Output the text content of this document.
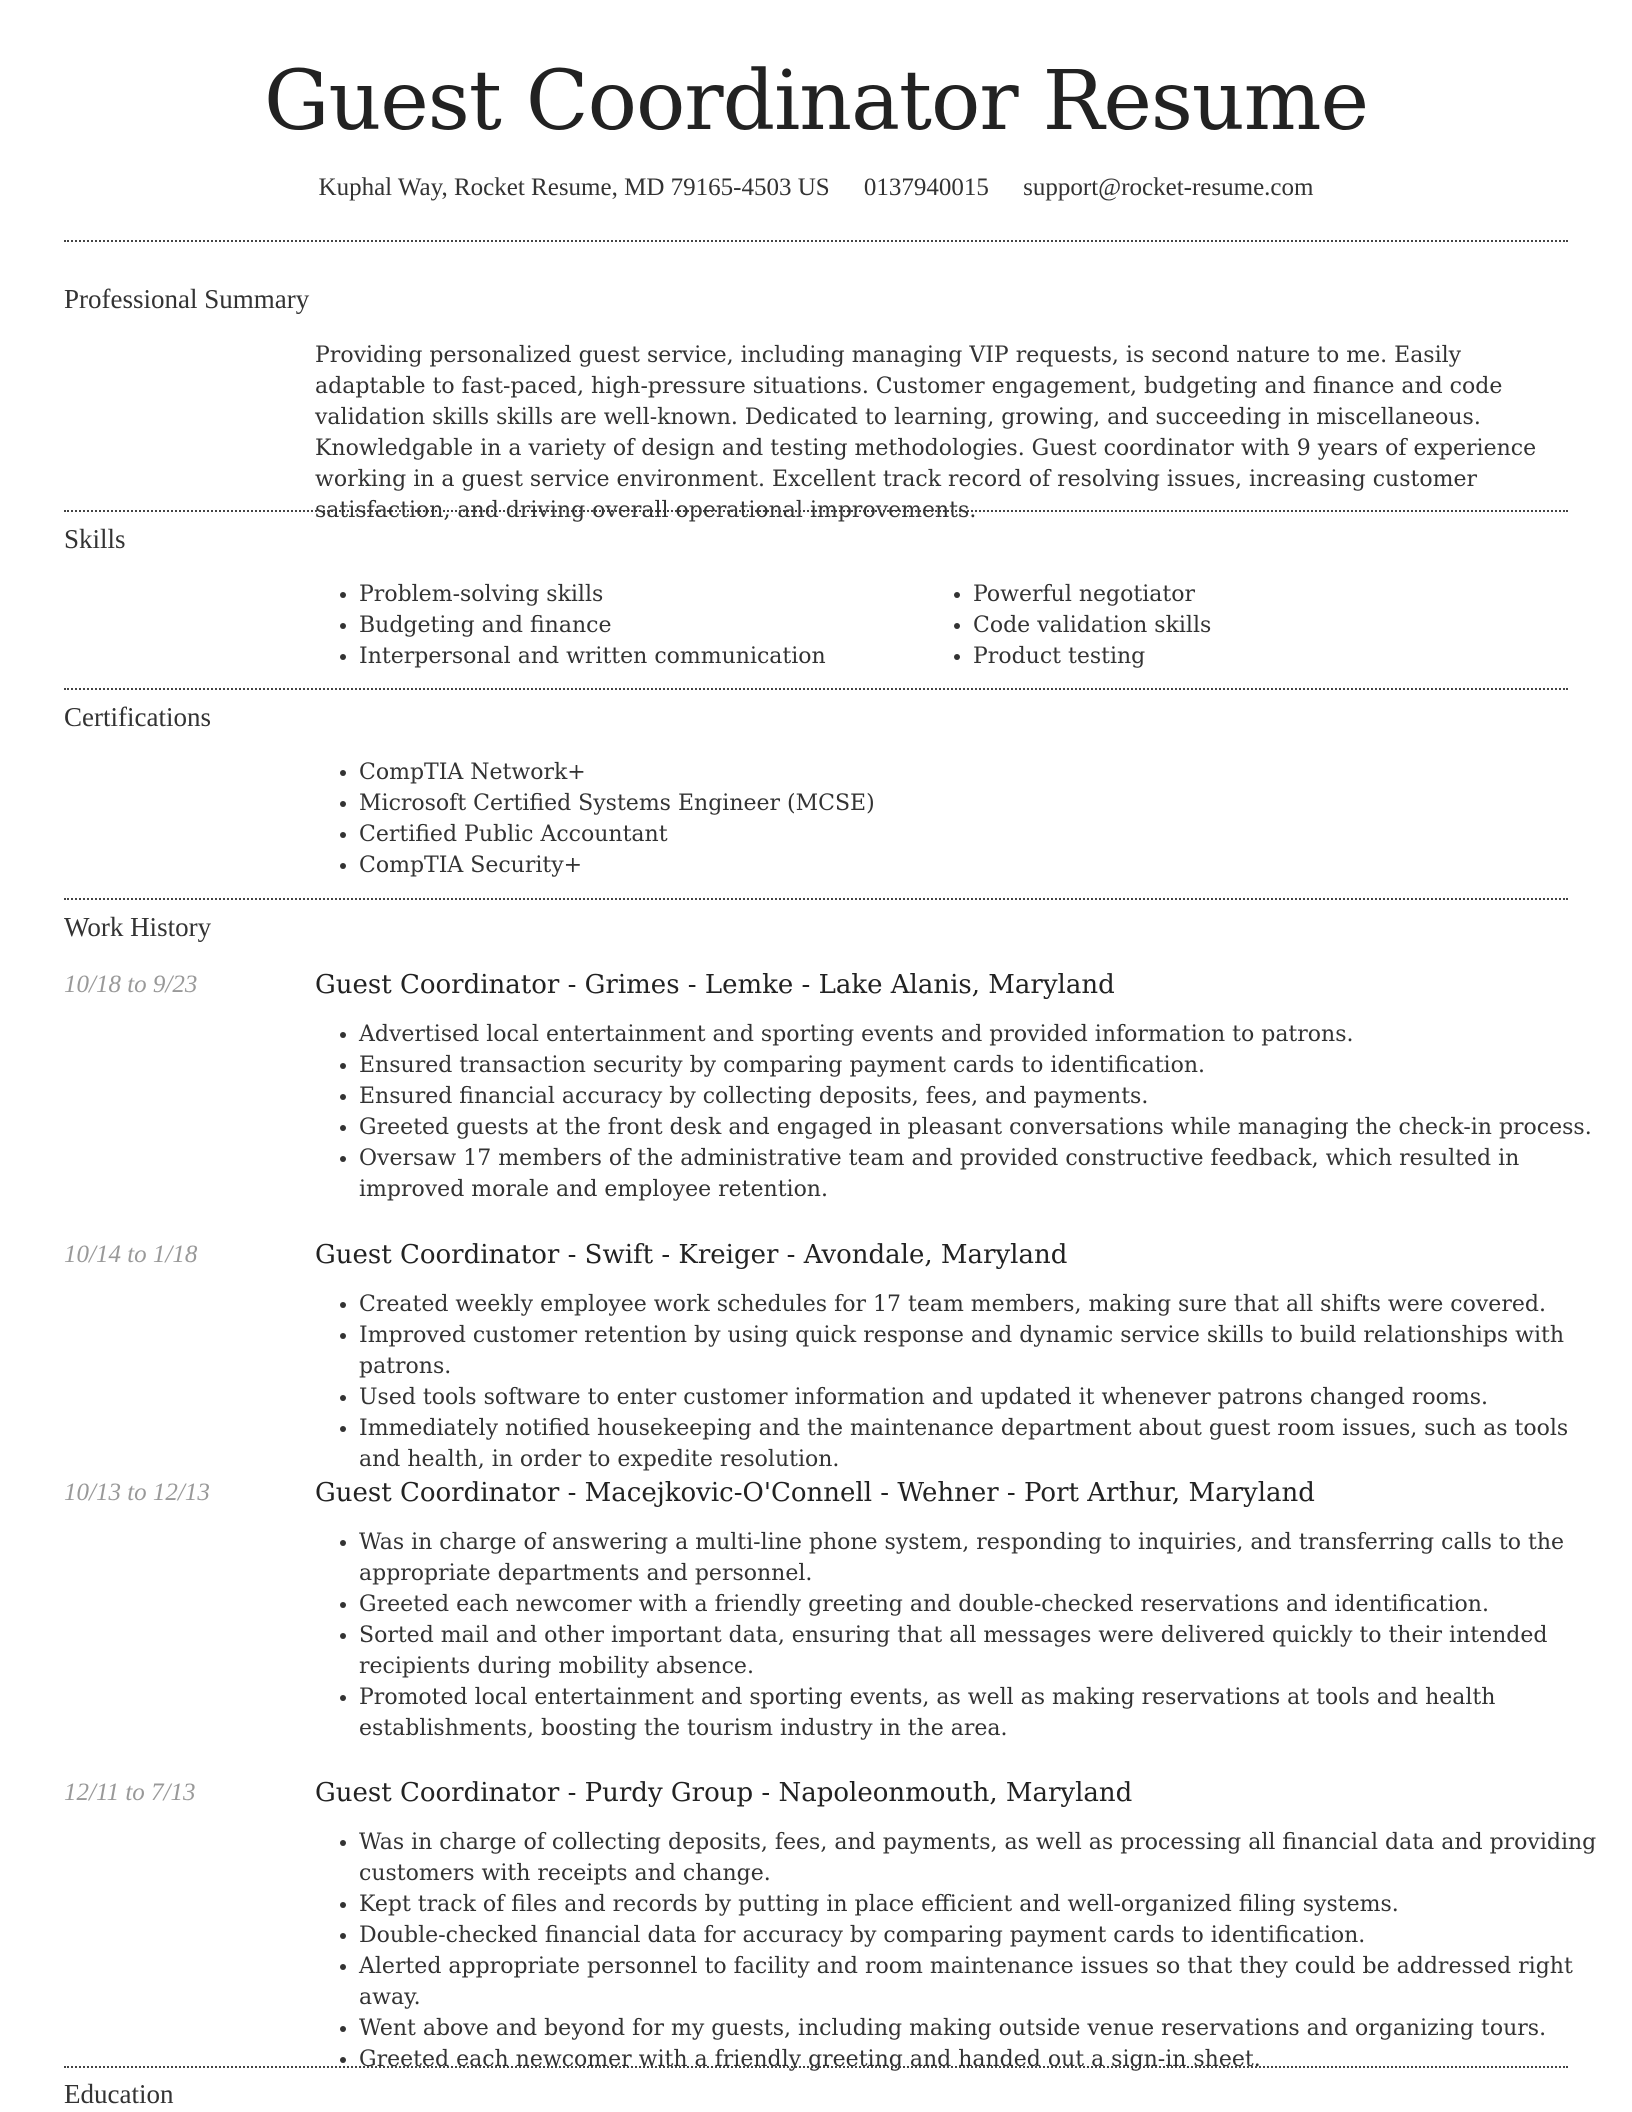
Guest Coordinator Resume
Kuphal Way, Rocket Resume, MD 79165-4503 US 0137940015 support@rocket-resume.com
Professional Summary

Providing personalized guest service, including managing VIP requests, is second nature to me. Easily adaptable to fast-paced, high-pressure situations. Customer engagement, budgeting and finance and code validation skills skills are well-known. Dedicated to learning, growing, and succeeding in miscellaneous. Knowledgable in a variety of design and testing methodologies. Guest coordinator with 9 years of experience working in a guest service environment. Excellent track record of resolving issues, increasing customer satisfaction, and driving overall operational improvements.

Skills
• Problem-solving skills
• Budgeting and finance
• Interpersonal and written communication
• Powerful negotiator
• Code validation skills
• Product testing
Certifications
• CompTIA Network+
• Microsoft Certified Systems Engineer (MCSE)
• Certified Public Accountant
• CompTIA Security+
Work History
10/18 to 9/23	Guest Coordinator - Grimes - Lemke - Lake Alanis, Maryland
• Advertised local entertainment and sporting events and provided information to patrons.
• Ensured transaction security by comparing payment cards to identification.
• Ensured financial accuracy by collecting deposits, fees, and payments.
• Greeted guests at the front desk and engaged in pleasant conversations while managing the check-in process.
• Oversaw 17 members of the administrative team and provided constructive feedback, which resulted in improved morale and employee retention.
10/14 to 1/18	Guest Coordinator - Swift - Kreiger - Avondale, Maryland
• Created weekly employee work schedules for 17 team members, making sure that all shifts were covered.
• Improved customer retention by using quick response and dynamic service skills to build relationships with patrons.
• Used tools software to enter customer information and updated it whenever patrons changed rooms.
• Immediately notified housekeeping and the maintenance department about guest room issues, such as tools and health, in order to expedite resolution.
10/13 to 12/13	Guest Coordinator - Macejkovic-O'Connell - Wehner - Port Arthur, Maryland
• Was in charge of answering a multi-line phone system, responding to inquiries, and transferring calls to the appropriate departments and personnel.
• Greeted each newcomer with a friendly greeting and double-checked reservations and identification.
• Sorted mail and other important data, ensuring that all messages were delivered quickly to their intended recipients during mobility absence.
• Promoted local entertainment and sporting events, as well as making reservations at tools and health establishments, boosting the tourism industry in the area.
12/11 to 7/13	Guest Coordinator - Purdy Group - Napoleonmouth, Maryland
• Was in charge of collecting deposits, fees, and payments, as well as processing all financial data and providing customers with receipts and change.
• Kept track of files and records by putting in place efficient and well-organized filing systems.
• Double-checked financial data for accuracy by comparing payment cards to identification.
• Alerted appropriate personnel to facility and room maintenance issues so that they could be addressed right away.
• Went above and beyond for my guests, including making outside venue reservations and organizing tours.
• Greeted each newcomer with a friendly greeting and handed out a sign-in sheet.
Education
